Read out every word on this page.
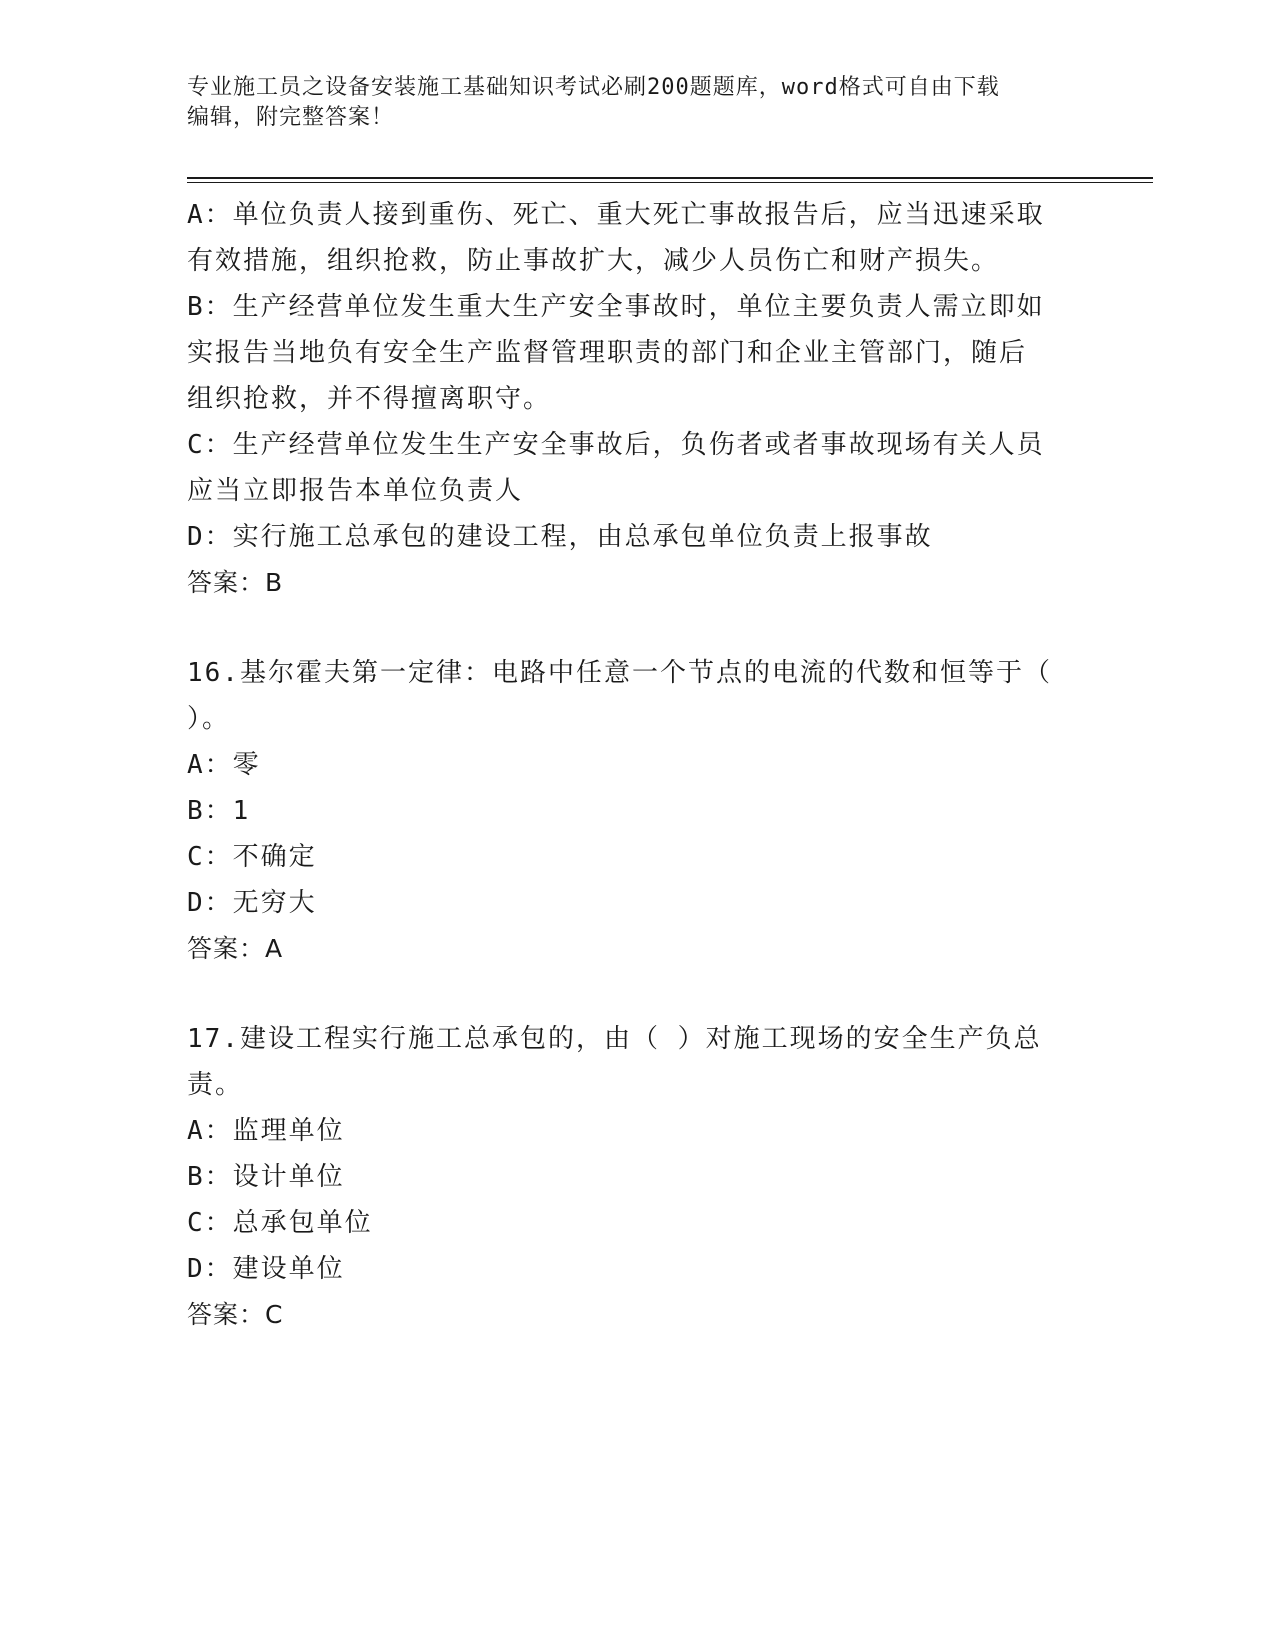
专业施工员之设备安装施工基础知识考试必刷200题题库，word格式可自由下载
编辑，附完整答案！
A：单位负责人接到重伤、死亡、重大死亡事故报告后，应当迅速采取
有效措施，组织抢救，防止事故扩大，减少人员伤亡和财产损失。
B：生产经营单位发生重大生产安全事故时，单位主要负责人需立即如
实报告当地负有安全生产监督管理职责的部门和企业主管部门，随后
组织抢救，并不得擅离职守。
C：生产经营单位发生生产安全事故后，负伤者或者事故现场有关人员
应当立即报告本单位负责人
D：实行施工总承包的建设工程，由总承包单位负责上报事故
答案：B
16.基尔霍夫第一定律：电路中任意一个节点的电流的代数和恒等于（
）。
A：零
B：1
C：不确定
D：无穷大
答案：A
17.建设工程实行施工总承包的，由（ ）对施工现场的安全生产负总
责。
A：监理单位
B：设计单位
C：总承包单位
D：建设单位
答案：C
